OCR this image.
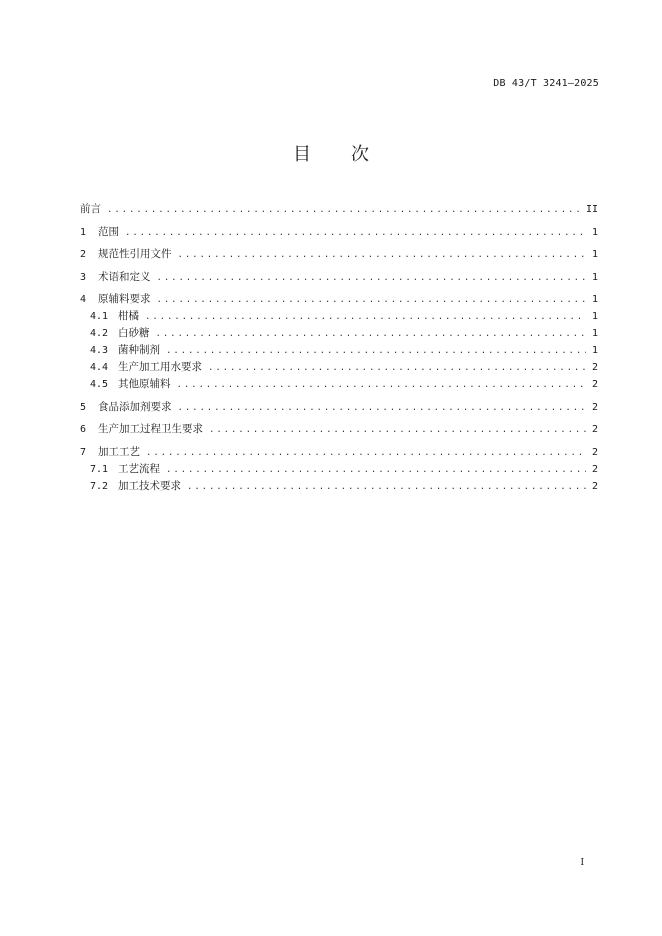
DB 43/T 3241—2025
目 次
前言 .....	II
1	范围 .....	1
2	规范性引用文件 .....	1
3	术语和定义 .....	1
4	原辅料要求 .....	1
4.1 柑橘 .....	1
4.2 白砂糖 .....	1
4.3 菌种制剂 .....	1
4.4 生产加工用水要求 .....	2
4.5 其他原辅料 .....	2
5	食品添加剂要求 .....	2
6	生产加工过程卫生要求 .....	2
7	加工工艺 .....	2
7.1 工艺流程 .....	2
7.2 加工技术要求 .....	2
I
